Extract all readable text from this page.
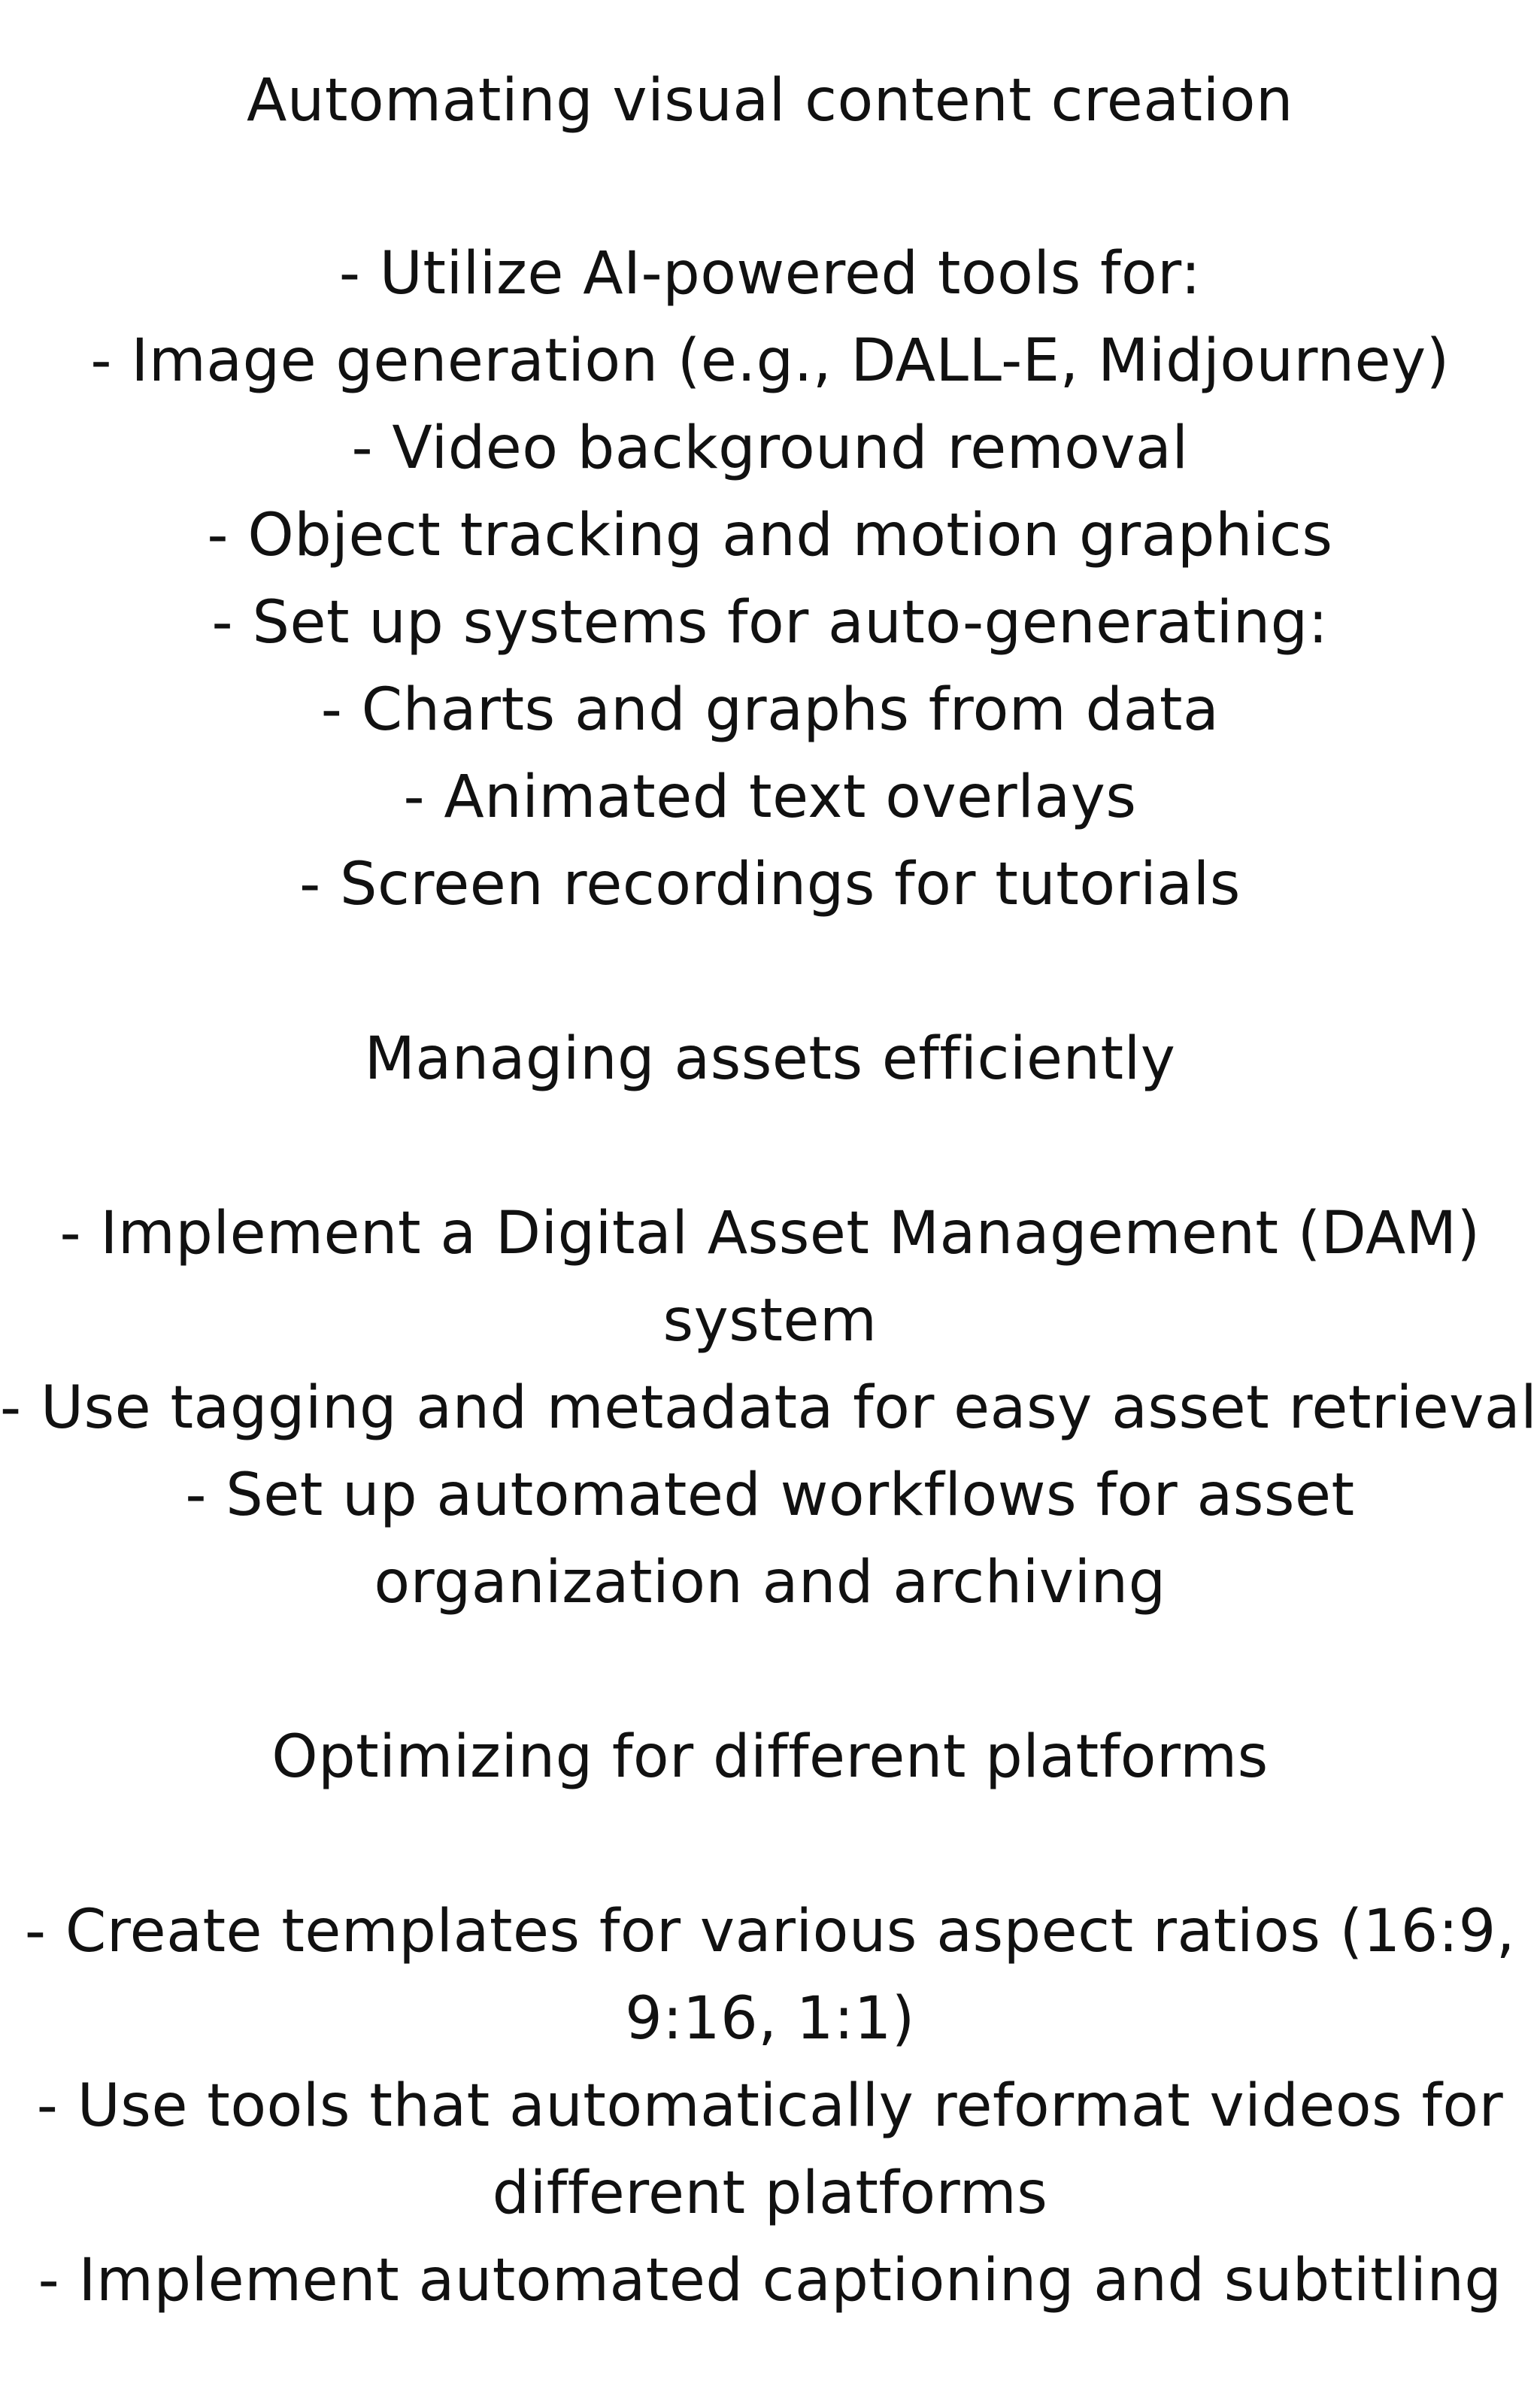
Automating visual content creation
- Utilize AI-powered tools for:
- Image generation (e.g., DALL-E, Midjourney)
- Video background removal
- Object tracking and motion graphics
- Set up systems for auto-generating:
- Charts and graphs from data
- Animated text overlays
- Screen recordings for tutorials
Managing assets efficiently
- Implement a Digital Asset Management (DAM)
system
- Use tagging and metadata for easy asset retrieval
- Set up automated workflows for asset
organization and archiving
Optimizing for different platforms
- Create templates for various aspect ratios (16:9,
9:16, 1:1)
- Use tools that automatically reformat videos for
different platforms
- Implement automated captioning and subtitling
